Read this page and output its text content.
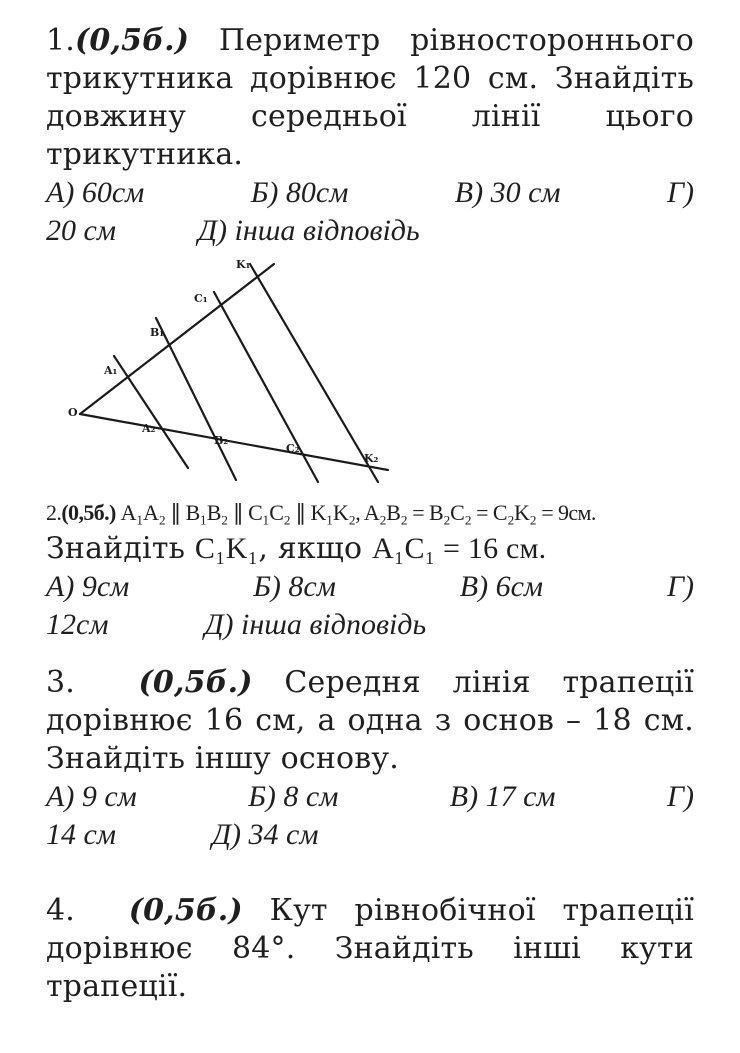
1.(0,5б.) Периметр рівностороннього трикутника дорівнює 120 см. Знайдіть довжину середньої лінії цього трикутника.

А) 60см	Б) 80см	В) 30 см	Г)
20 см	Д) інша відповідь
K₁
C₁
B₁
A₁
O
A₂
B₂
C₂
K₂

2.(0,5б.) A₁A₂ ∥ B₁B₂ ∥ C₁C₂ ∥ K₁K₂, A₂B₂ = B₂C₂ = C₂K₂ = 9см.

Знайдіть C₁K₁, якщо A₁C₁ = 16 см.

А) 9см	Б) 8см	В) 6см	Г)
12см	Д) інша відповідь

3. (0,5б.) Середня лінія трапеції дорівнює 16 см, а одна з основ – 18 см. Знайдіть іншу основу.

А) 9 см	Б) 8 см	В) 17 см	Г)
14 см	Д) 34 см

4. (0,5б.) Кут рівнобічної трапеції дорівнює 84°. Знайдіть інші кути трапеції.
